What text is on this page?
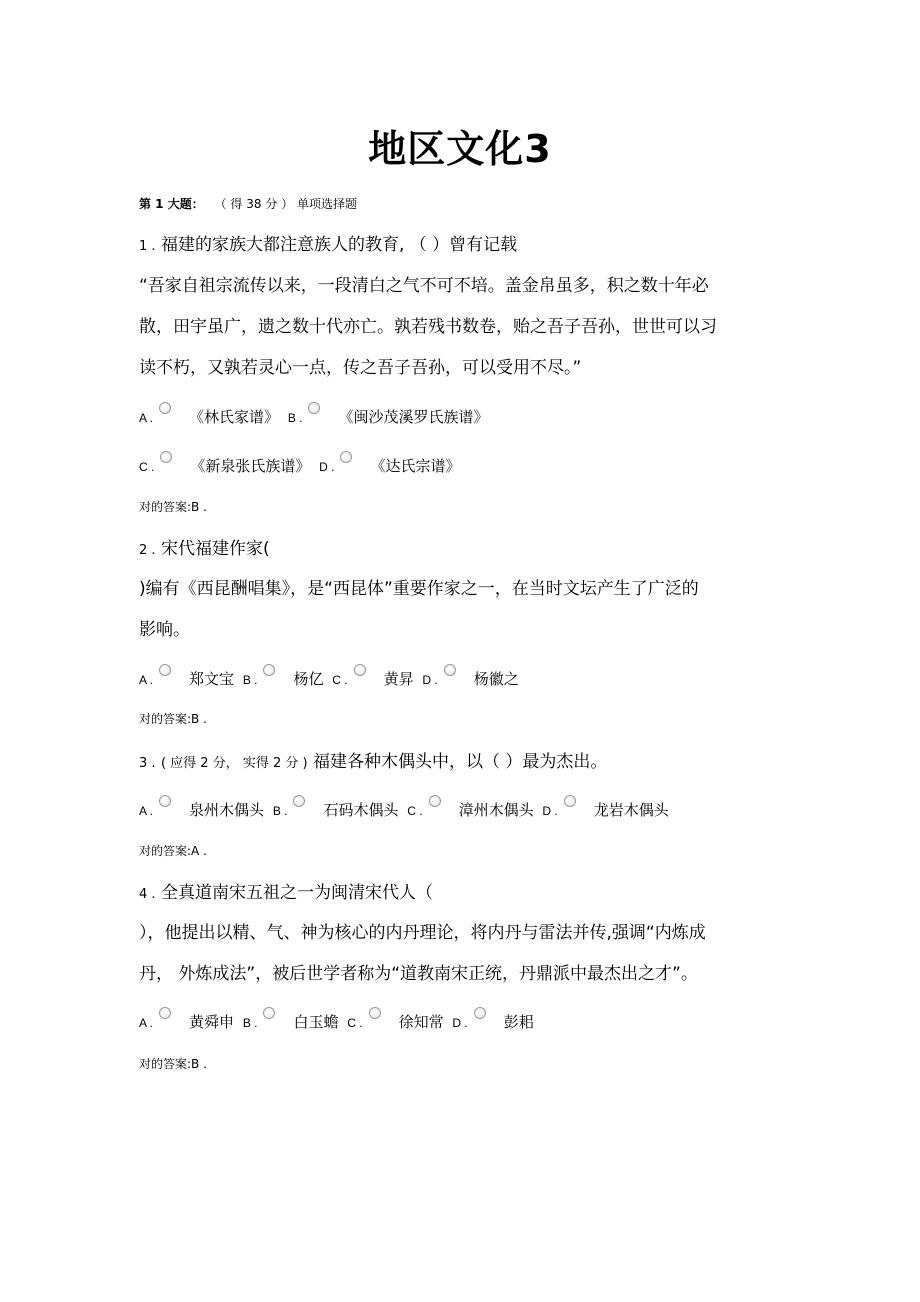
地区文化3
第 1 大题： （ 得 38 分 ） 单项选择题
1 . 福建的家族大都注意族人的教育, （ ）曾有记载
“吾家自祖宗流传以来，一段清白之气不可不培。盖金帛虽多，积之数十年必
散，田宇虽广，遗之数十代亦亡。孰若残书数卷，贻之吾子吾孙，世世可以习
读不朽，又孰若灵心一点，传之吾子吾孙，可以受用不尽。”
A . 《林氏家谱》 B . 《闽沙茂溪罗氏族谱》
C . 《新泉张氏族谱》 D . 《达氏宗谱》
对的答案:B .
2 . 宋代福建作家(
)编有《西昆酬唱集》，是“西昆体”重要作家之一，在当时文坛产生了广泛的
影响。
A . 郑文宝 B . 杨亿 C . 黄昇 D . 杨徽之
对的答案:B .
3 . ( 应得 2 分， 实得 2 分 ) 福建各种木偶头中，以（ ）最为杰出。
A . 泉州木偶头 B . 石码木偶头 C . 漳州木偶头 D . 龙岩木偶头
对的答案:A .
4 . 全真道南宋五祖之一为闽清宋代人（
），他提出以精、气、神为核心的内丹理论，将内丹与雷法并传,强调“内炼成
丹， 外炼成法”，被后世学者称为“道教南宋正统，丹鼎派中最杰出之才”。
A . 黄舜申 B . 白玉蟾 C . 徐知常 D . 彭耜
对的答案:B .
